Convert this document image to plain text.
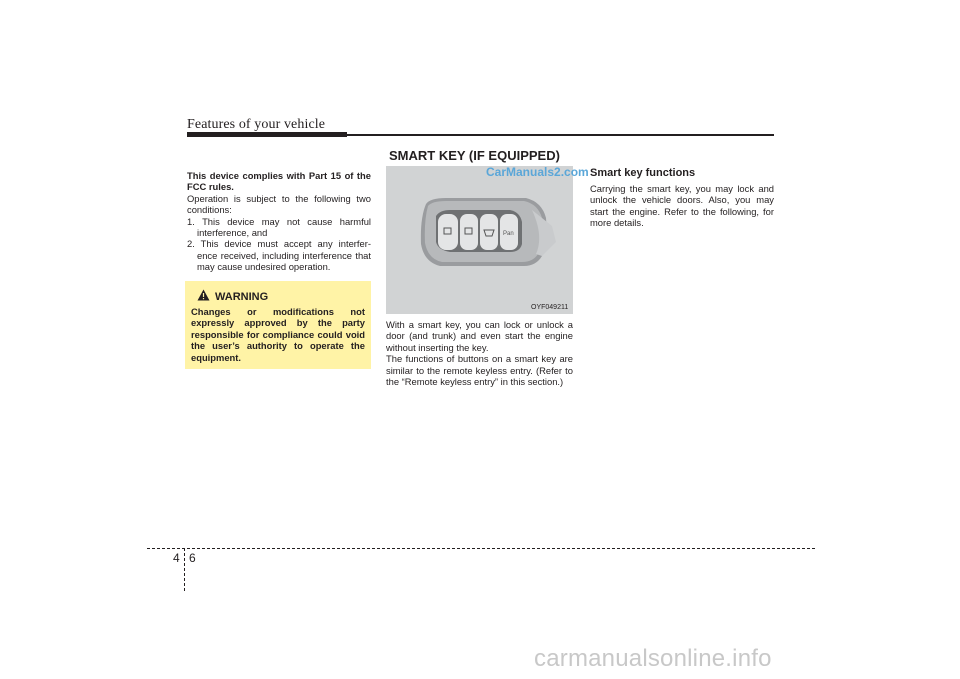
Features of your vehicle
SMART KEY (IF EQUIPPED)

This device complies with Part 15 of the FCC rules.

Operation is subject to the following two conditions:

1. This device may not cause harmful interference, and

2. This device must accept any interfer- ence received, including interference that may cause undesired operation.

WARNING
Changes or modifications not expressly approved by the party responsible for compliance could void the user’s authority to operate the equipment.
Pan
CarManuals2.com
OYF049211

With a smart key, you can lock or unlock a door (and trunk) and even start the engine without inserting the key.

The functions of buttons on a smart key are similar to the remote keyless entry. (Refer to the “Remote keyless entry” in this section.)

Smart key functions

Carrying the smart key, you may lock and unlock the vehicle doors. Also, you may start the engine. Refer to the following, for more details.

4 6
carmanualsonline.info
